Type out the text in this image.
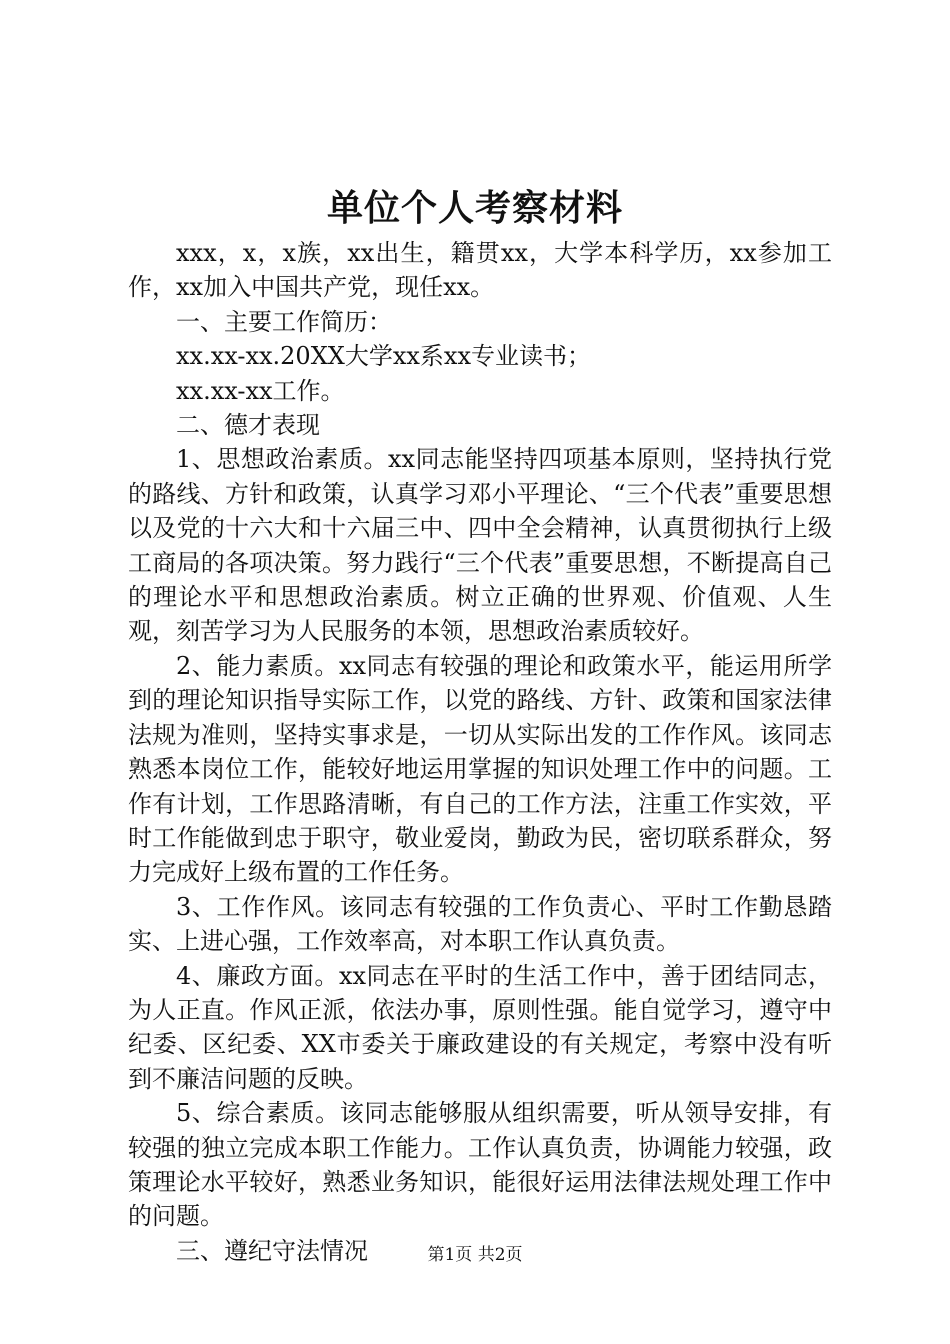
单位个人考察材料

xxx，x，x族，xx出生，籍贯xx，大学本科学历，xx参加工作，xx加入中国共产党，现任xx。

一、主要工作简历：

xx.xx-xx.20XX大学xx系xx专业读书；

xx.xx-xx工作。

二、德才表现

1、思想政治素质。xx同志能坚持四项基本原则，坚持执行党的路线、方针和政策，认真学习邓小平理论、“三个代表”重要思想以及党的十六大和十六届三中、四中全会精神，认真贯彻执行上级工商局的各项决策。努力践行“三个代表”重要思想，不断提高自己的理论水平和思想政治素质。树立正确的世界观、价值观、人生观，刻苦学习为人民服务的本领，思想政治素质较好。

2、能力素质。xx同志有较强的理论和政策水平，能运用所学到的理论知识指导实际工作，以党的路线、方针、政策和国家法律法规为准则，坚持实事求是，一切从实际出发的工作作风。该同志熟悉本岗位工作，能较好地运用掌握的知识处理工作中的问题。工作有计划，工作思路清晰，有自己的工作方法，注重工作实效，平时工作能做到忠于职守，敬业爱岗，勤政为民，密切联系群众，努力完成好上级布置的工作任务。

3、工作作风。该同志有较强的工作负责心、平时工作勤恳踏实、上进心强，工作效率高，对本职工作认真负责。

4、廉政方面。xx同志在平时的生活工作中，善于团结同志，为人正直。作风正派，依法办事，原则性强。能自觉学习，遵守中纪委、区纪委、XX市委关于廉政建设的有关规定，考察中没有听到不廉洁问题的反映。

5、综合素质。该同志能够服从组织需要，听从领导安排，有较强的独立完成本职工作能力。工作认真负责，协调能力较强，政策理论水平较好，熟悉业务知识，能很好运用法律法规处理工作中的问题。

三、遵纪守法情况	第1页 共2页
